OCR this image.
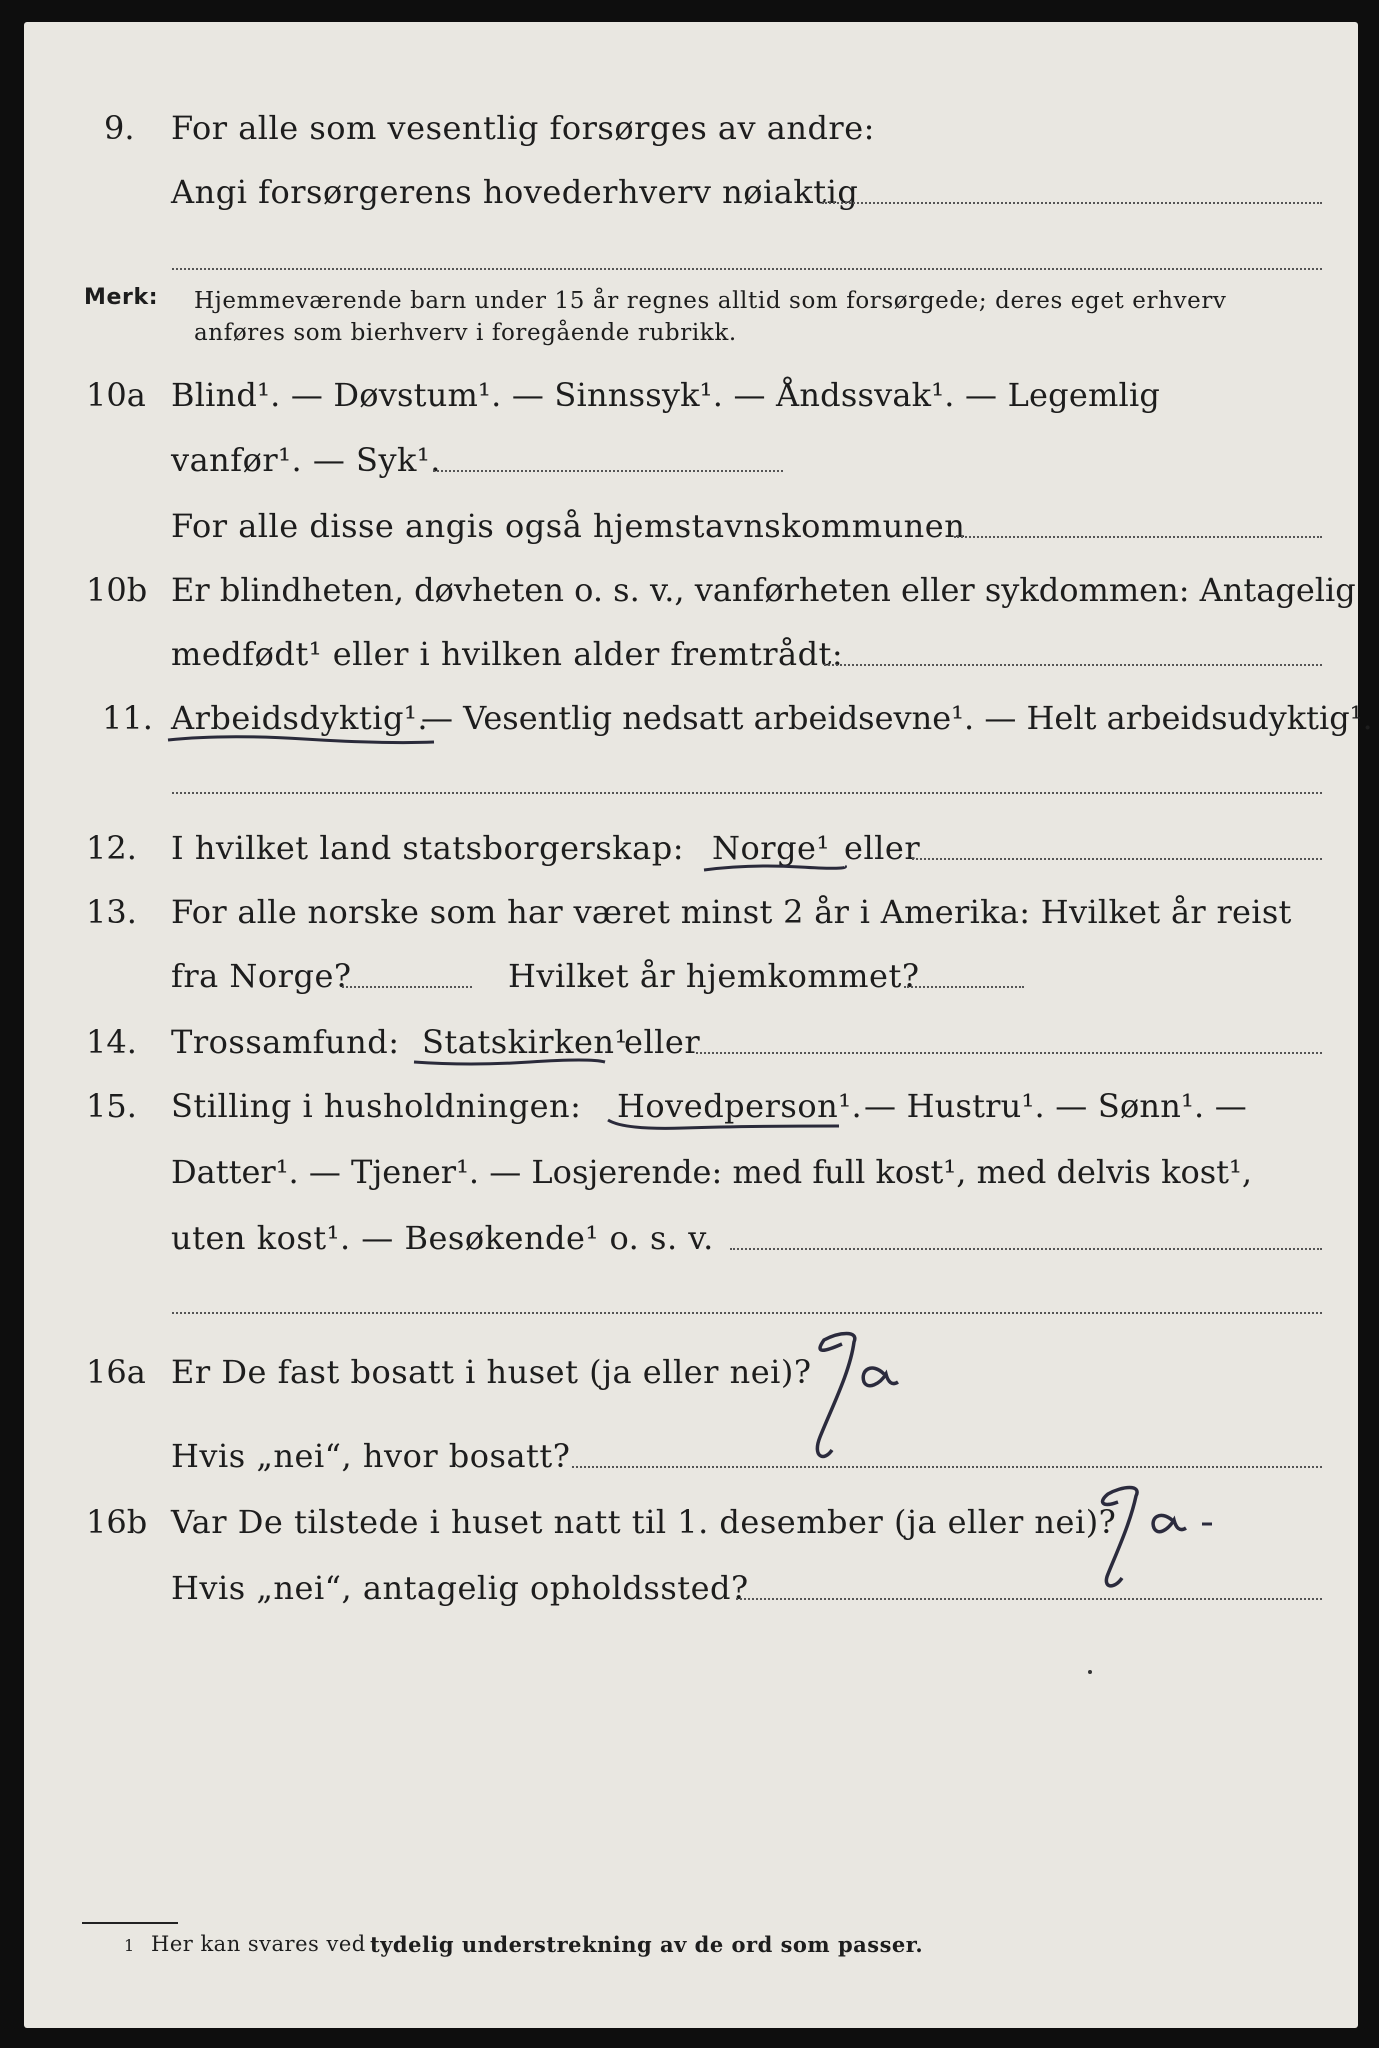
9. For alle som vesentlig forsørges av andre:
Angi forsørgerens hovederhverv nøiaktig
Merk: Hjemmeværende barn under 15 år regnes alltid som forsørgede; deres eget erhverv
anføres som bierhverv i foregående rubrikk.
10a Blind¹. — Døvstum¹. — Sinnssyk¹. — Åndssvak¹. — Legemlig
vanfør¹. — Syk¹.
For alle disse angis også hjemstavnskommunen
10b Er blindheten, døvheten o. s. v., vanførheten eller sykdommen: Antagelig
medfødt¹ eller i hvilken alder fremtrådt:
11. Arbeidsdyktig¹.
— Vesentlig nedsatt arbeidsevne¹. — Helt arbeidsudyktig¹.
12. I hvilket land statsborgerskap: Norge¹ eller
13. For alle norske som har været minst 2 år i Amerika: Hvilket år reist
fra Norge?	Hvilket år hjemkommet?
14. Trossamfund: Statskirken¹
eller
15. Stilling i husholdningen: Hovedperson¹. — Hustru¹. — Sønn¹. —
Datter¹. — Tjener¹. — Losjerende: med full kost¹, med delvis kost¹,
uten kost¹. — Besøkende¹ o. s. v.
16a Er De fast bosatt i huset (ja eller nei)?
Hvis „nei“, hvor bosatt?
16b Var De tilstede i huset natt til 1. desember (ja eller nei)?
Hvis „nei“, antagelig opholdssted?
1 Her kan svares ved tydelig understrekning av de ord som passer.
